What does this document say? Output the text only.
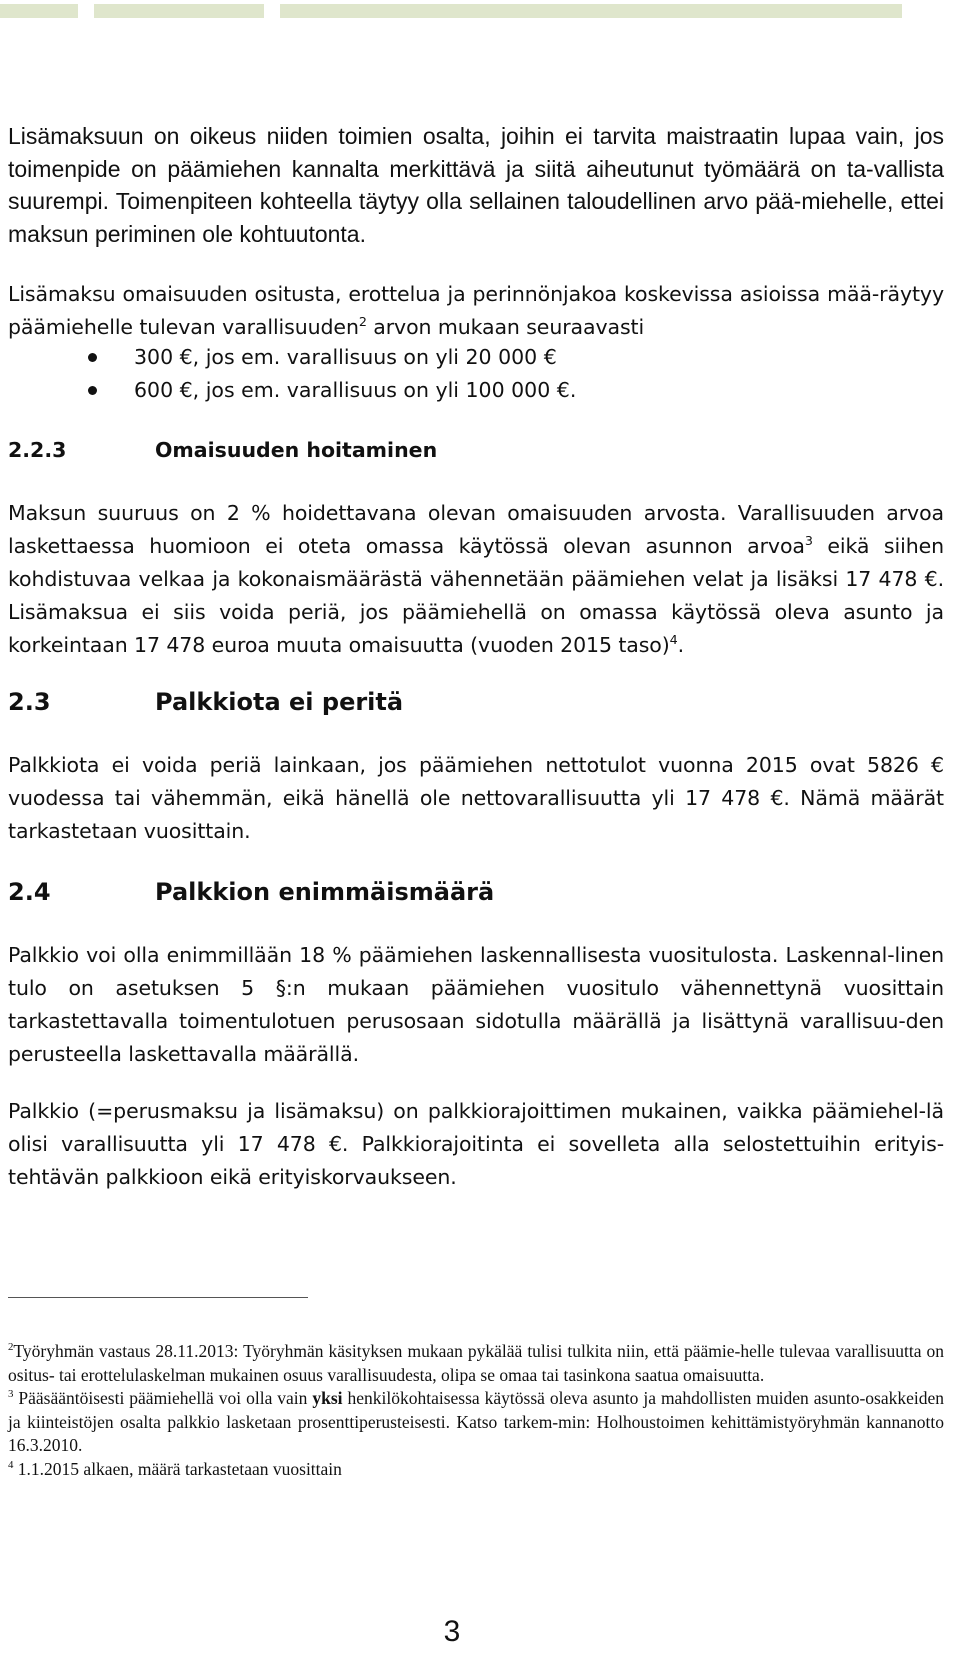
Lisämaksuun on oikeus niiden toimien osalta, joihin ei tarvita maistraatin lupaa vain, jos toimenpide on päämiehen kannalta merkittävä ja siitä aiheutunut työmäärä on ta-vallista suurempi. Toimenpiteen kohteella täytyy olla sellainen taloudellinen arvo pää-miehelle, ettei maksun periminen ole kohtuutonta.

Lisämaksu omaisuuden ositusta, erottelua ja perinnönjakoa koskevissa asioissa mää-räytyy päämiehelle tulevan varallisuuden$^2$ arvon mukaan seuraavasti

300 €, jos em. varallisuus on yli 20 000 €
600 €, jos em. varallisuus on yli 100 000 €.
2.2.3	Omaisuuden hoitaminen

Maksun suuruus on 2 % hoidettavana olevan omaisuuden arvosta. Varallisuuden arvoa laskettaessa huomioon ei oteta omassa käytössä olevan asunnon arvoa$^3$ eikä siihen kohdistuvaa velkaa ja kokonaismäärästä vähennetään päämiehen velat ja lisäksi 17 478 €. Lisämaksua ei siis voida periä, jos päämiehellä on omassa käytössä oleva asunto ja korkeintaan 17 478 euroa muuta omaisuutta (vuoden 2015 taso)$^4$.

2.3	Palkkiota ei peritä

Palkkiota ei voida periä lainkaan, jos päämiehen nettotulot vuonna 2015 ovat 5826 € vuodessa tai vähemmän, eikä hänellä ole nettovarallisuutta yli 17 478 €. Nämä määrät tarkastetaan vuosittain.

2.4	Palkkion enimmäismäärä

Palkkio voi olla enimmillään 18 % päämiehen laskennallisesta vuositulosta. Laskennal-linen tulo on asetuksen 5 §:n mukaan päämiehen vuositulo vähennettynä vuosittain tarkastettavalla toimentulotuen perusosaan sidotulla määrällä ja lisättynä varallisuu-den perusteella laskettavalla määrällä.

Palkkio (=perusmaksu ja lisämaksu) on palkkiorajoittimen mukainen, vaikka päämiehel-lä olisi varallisuutta yli 17 478 €. Palkkiorajoitinta ei sovelleta alla selostettuihin erityis-tehtävän palkkioon eikä erityiskorvaukseen.

$^2$Työryhmän vastaus 28.11.2013: Työryhmän käsityksen mukaan pykälää tulisi tulkita niin, että päämie-helle tulevaa varallisuutta on ositus- tai erottelulaskelman mukainen osuus varallisuudesta, olipa se omaa tai tasinkona saatua omaisuutta.

$^3$ Pääsääntöisesti päämiehellä voi olla vain yksi henkilökohtaisessa käytössä oleva asunto ja mahdollisten muiden asunto-osakkeiden ja kiinteistöjen osalta palkkio lasketaan prosenttiperusteisesti. Katso tarkem-min: Holhoustoimen kehittämistyöryhmän kannanotto 16.3.2010.

$^4$ 1.1.2015 alkaen, määrä tarkastetaan vuosittain

3
